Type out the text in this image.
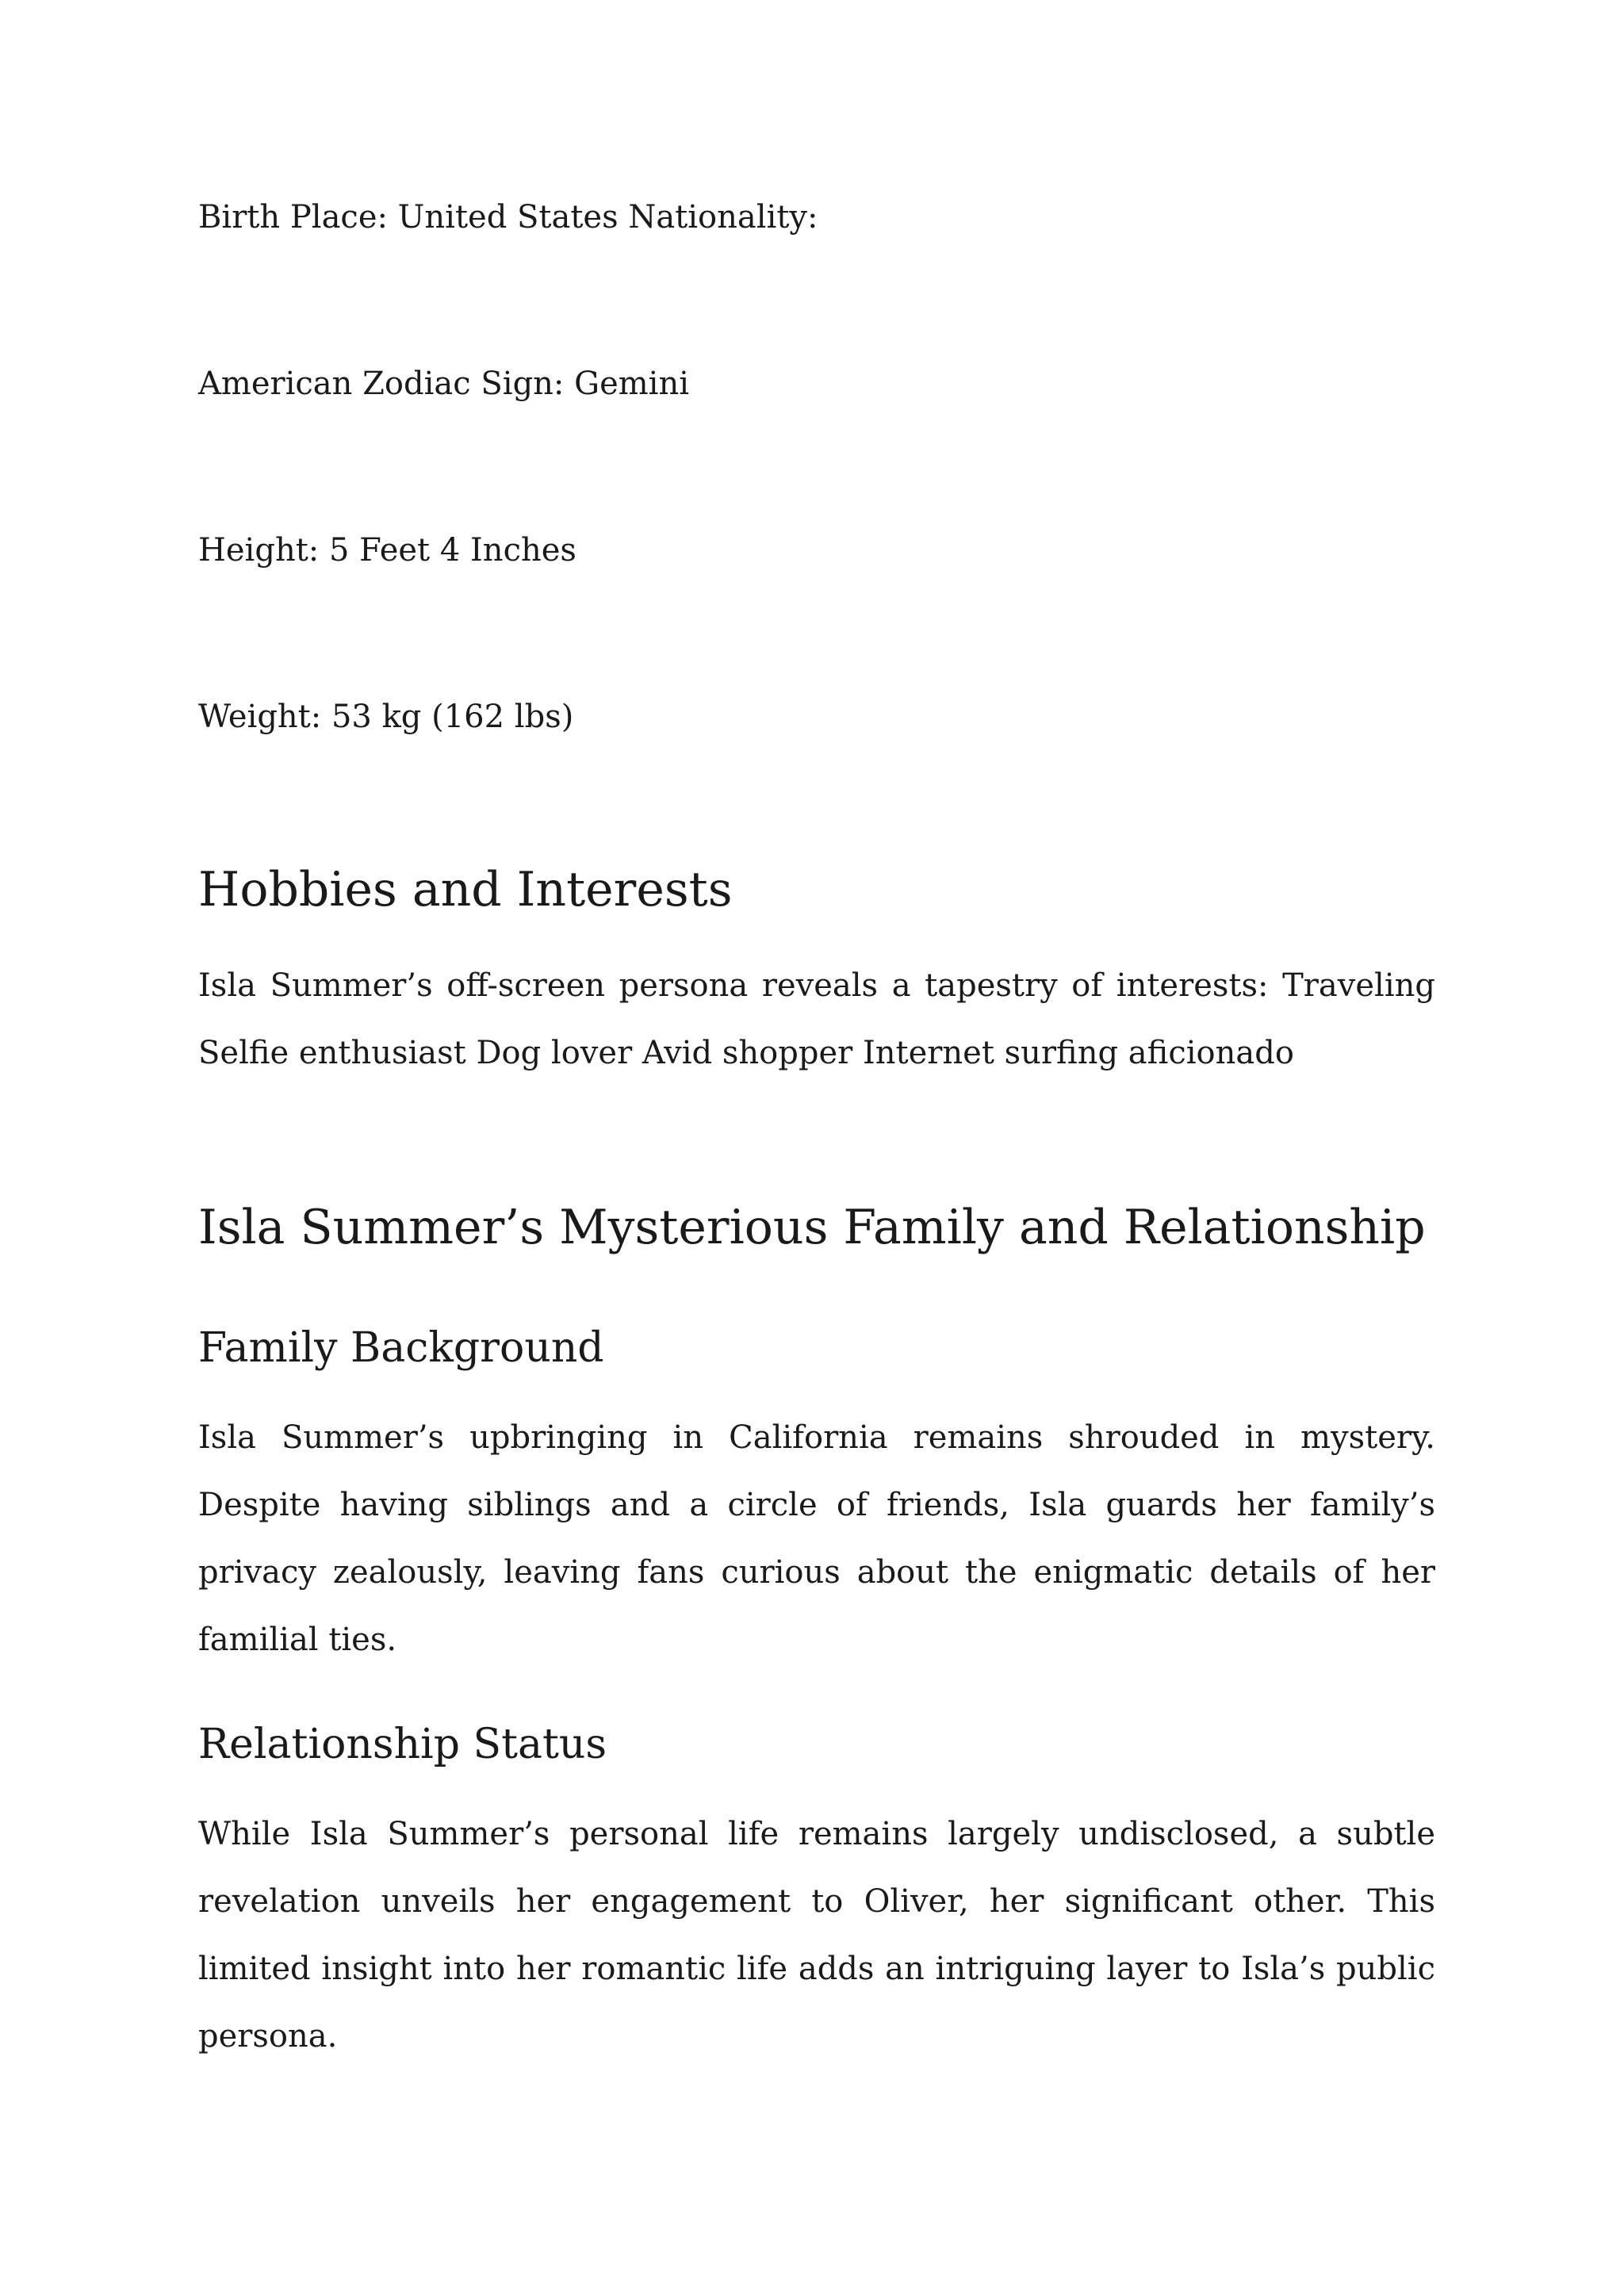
Birth Place: United States Nationality:

American Zodiac Sign: Gemini

Height: 5 Feet 4 Inches

Weight: 53 kg (162 lbs)

Hobbies and Interests

Isla Summer’s off-screen persona reveals a tapestry of interests: Traveling Selfie enthusiast Dog lover Avid shopper Internet surfing aficionado

Isla Summer’s Mysterious Family and Relationship
Family Background

Isla Summer’s upbringing in California remains shrouded in mystery. Despite having siblings and a circle of friends, Isla guards her family’s privacy zealously, leaving fans curious about the enigmatic details of her familial ties.

Relationship Status

While Isla Summer’s personal life remains largely undisclosed, a subtle revelation unveils her engagement to Oliver, her significant other. This limited insight into her romantic life adds an intriguing layer to Isla’s public persona.
